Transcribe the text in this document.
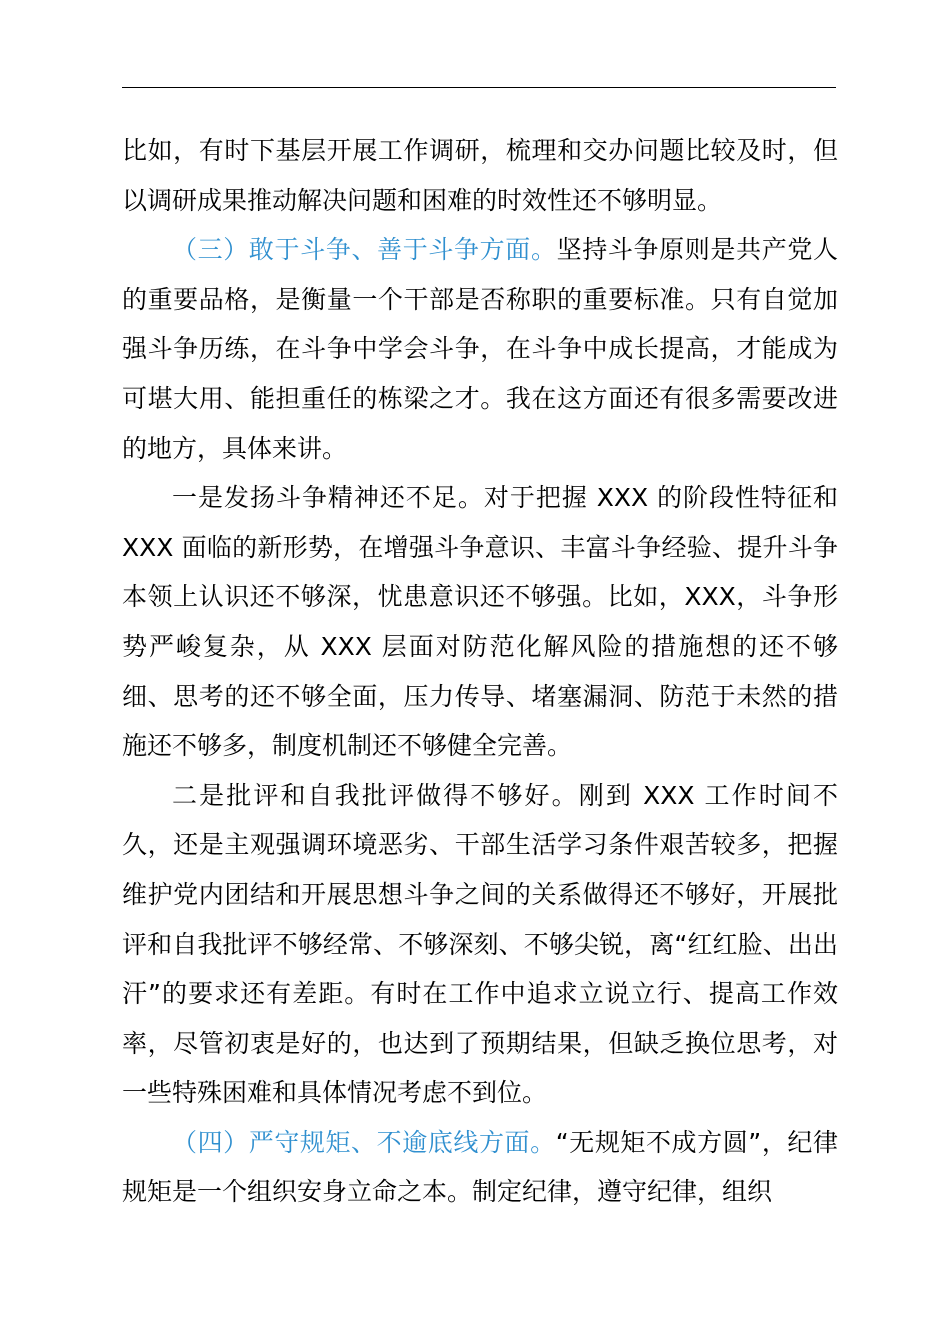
比如，有时下基层开展工作调研，梳理和交办问题比较及时，但以调研成果推动解决问题和困难的时效性还不够明显。

（三）敢于斗争、善于斗争方面。坚持斗争原则是共产党人的重要品格，是衡量一个干部是否称职的重要标准。只有自觉加强斗争历练，在斗争中学会斗争，在斗争中成长提高，才能成为可堪大用、能担重任的栋梁之才。我在这方面还有很多需要改进的地方，具体来讲。

一是发扬斗争精神还不足。对于把握 XXX 的阶段性特征和 XXX 面临的新形势，在增强斗争意识、丰富斗争经验、提升斗争本领上认识还不够深，忧患意识还不够强。比如，XXX，斗争形势严峻复杂，从 XXX 层面对防范化解风险的措施想的还不够细、思考的还不够全面，压力传导、堵塞漏洞、防范于未然的措施还不够多，制度机制还不够健全完善。

二是批评和自我批评做得不够好。刚到 XXX 工作时间不久，还是主观强调环境恶劣、干部生活学习条件艰苦较多，把握维护党内团结和开展思想斗争之间的关系做得还不够好，开展批评和自我批评不够经常、不够深刻、不够尖锐，离“红红脸、出出汗”的要求还有差距。有时在工作中追求立说立行、提高工作效率，尽管初衷是好的，也达到了预期结果，但缺乏换位思考，对一些特殊困难和具体情况考虑不到位。

（四）严守规矩、不逾底线方面。“无规矩不成方圆”，纪律规矩是一个组织安身立命之本。制定纪律，遵守纪律，组织
